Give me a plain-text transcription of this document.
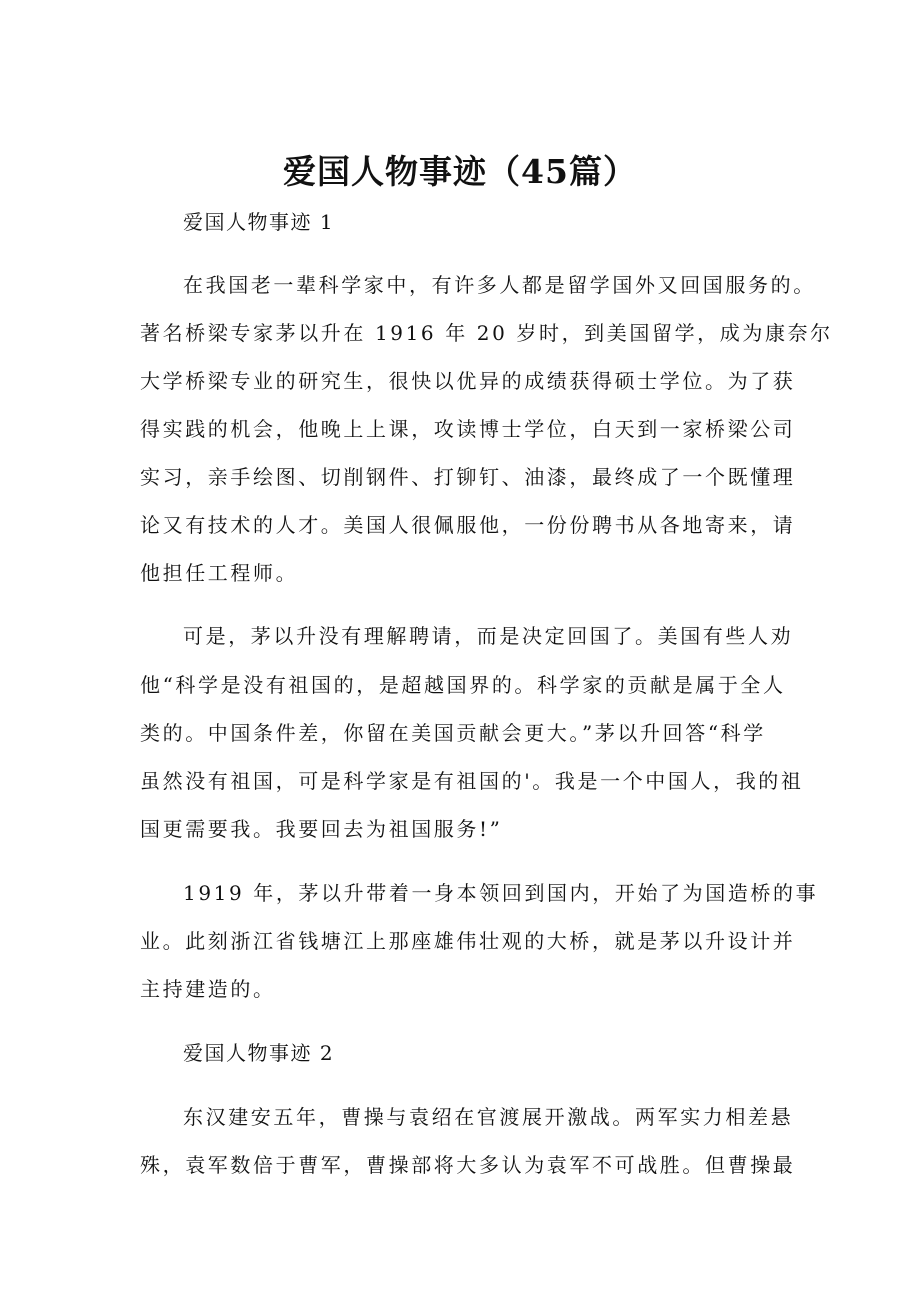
爱国人物事迹（45篇）
爱国人物事迹 1
在我国老一辈科学家中，有许多人都是留学国外又回国服务的。
著名桥梁专家茅以升在 1916 年 20 岁时，到美国留学，成为康奈尔
大学桥梁专业的研究生，很快以优异的成绩获得硕士学位。为了获
得实践的机会，他晚上上课，攻读博士学位，白天到一家桥梁公司
实习，亲手绘图、切削钢件、打铆钉、油漆，最终成了一个既懂理
论又有技术的人才。美国人很佩服他，一份份聘书从各地寄来，请
他担任工程师。
可是，茅以升没有理解聘请，而是决定回国了。美国有些人劝
他“科学是没有祖国的，是超越国界的。科学家的贡献是属于全人
类的。中国条件差，你留在美国贡献会更大。”茅以升回答“科学
虽然没有祖国，可是科学家是有祖国的'。我是一个中国人，我的祖
国更需要我。我要回去为祖国服务!”
1919 年，茅以升带着一身本领回到国内，开始了为国造桥的事
业。此刻浙江省钱塘江上那座雄伟壮观的大桥，就是茅以升设计并
主持建造的。
爱国人物事迹 2
东汉建安五年，曹操与袁绍在官渡展开激战。两军实力相差悬
殊，袁军数倍于曹军，曹操部将大多认为袁军不可战胜。但曹操最
